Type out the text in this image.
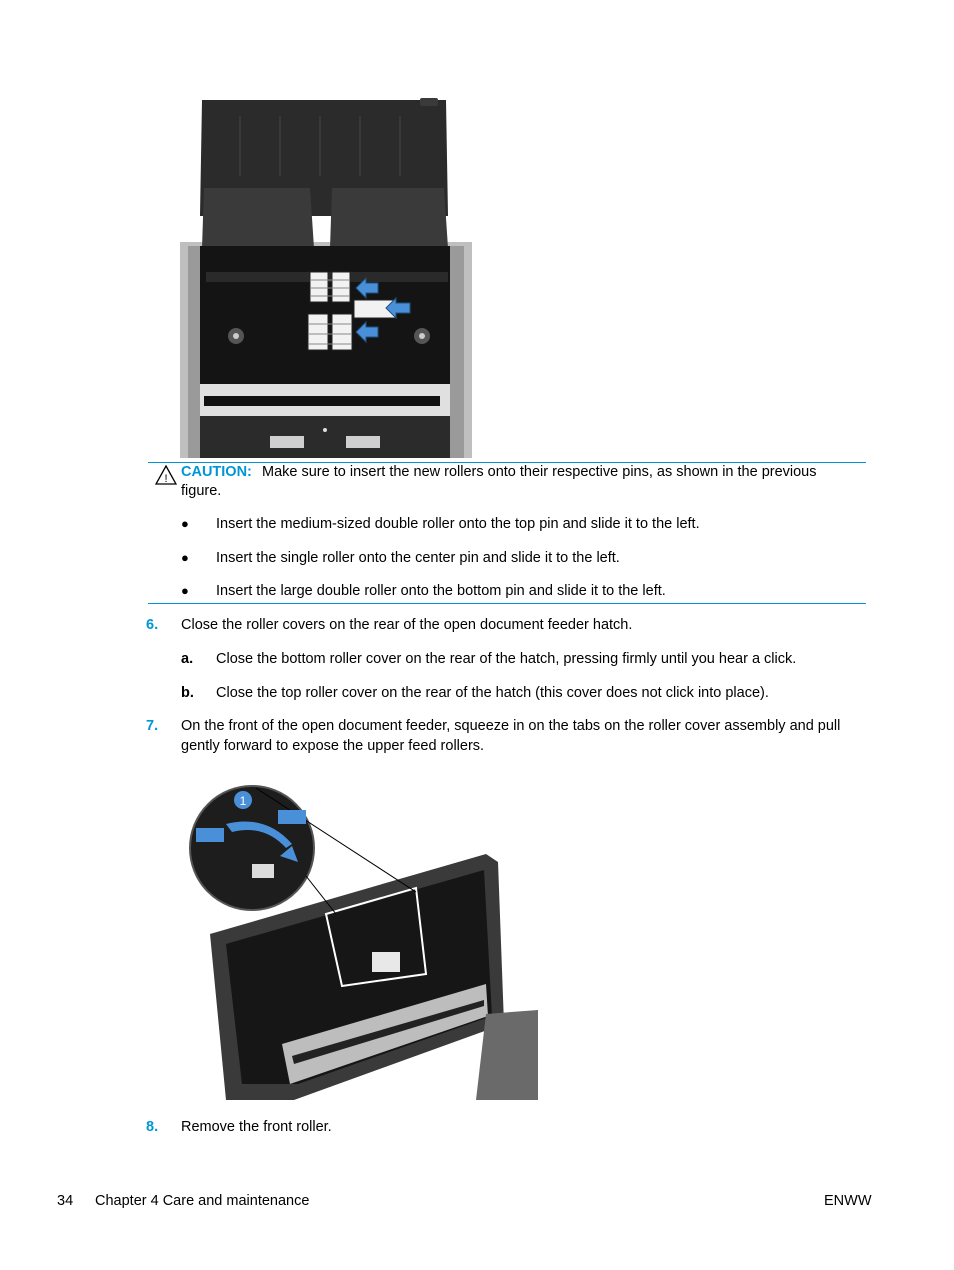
! CAUTION: Make sure to insert the new rollers onto their respective pins, as shown in the previous
figure.
● Insert the medium-sized double roller onto the top pin and slide it to the left.
● Insert the single roller onto the center pin and slide it to the left.
● Insert the large double roller onto the bottom pin and slide it to the left.
6. Close the roller covers on the rear of the open document feeder hatch.
a. Close the bottom roller cover on the rear of the hatch, pressing firmly until you hear a click.
b. Close the top roller cover on the rear of the hatch (this cover does not click into place).
7. On the front of the open document feeder, squeeze in on the tabs on the roller cover assembly and pull
gently forward to expose the upper feed rollers.
1
8. Remove the front roller.
34 Chapter 4 Care and maintenance	ENWW
